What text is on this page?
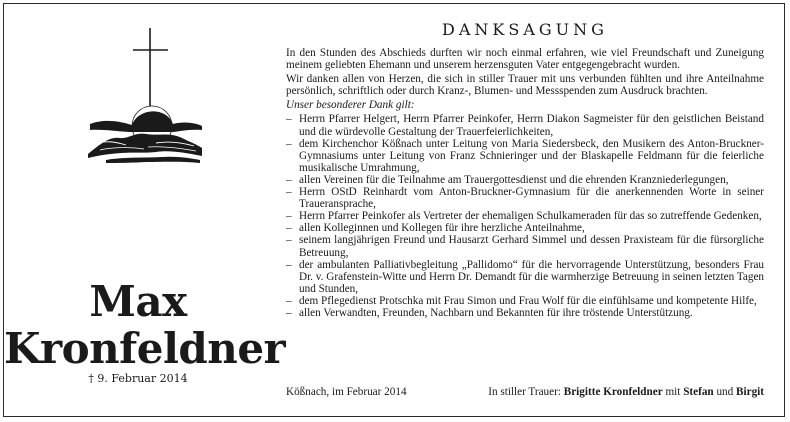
Max
Kronfeldner
† 9. Februar 2014
DANKSAGUNG

In den Stunden des Abschieds durften wir noch einmal erfahren, wie viel Freundschaft und Zuneigung meinem geliebten Ehemann und unserem herzensguten Vater entgegengebracht wurden.

Wir danken allen von Herzen, die sich in stiller Trauer mit uns verbunden fühlten und ihre Anteilnahme persönlich, schriftlich oder durch Kranz-, Blumen- und Messspenden zum Ausdruck brachten.

Unser besonderer Dank gilt:

– Herrn Pfarrer Helgert, Herrn Pfarrer Peinkofer, Herrn Diakon Sagmeister für den geistlichen Beistand und die würdevolle Gestaltung der Trauerfeierlichkeiten,
– dem Kirchenchor Kößnach unter Leitung von Maria Siedersbeck, den Musikern des Anton-Bruckner-Gymnasiums unter Leitung von Franz Schnieringer und der Blaskapelle Feldmann für die feierliche musikalische Umrahmung,
– allen Vereinen für die Teilnahme am Trauergottesdienst und die ehrenden Kranzniederlegungen,
– Herrn OStD Reinhardt vom Anton-Bruckner-Gymnasium für die anerkennenden Worte in seiner Traueransprache,
– Herrn Pfarrer Peinkofer als Vertreter der ehemaligen Schulkameraden für das so zutreffende Gedenken,
– allen Kolleginnen und Kollegen für ihre herzliche Anteilnahme,
– seinem langjährigen Freund und Hausarzt Gerhard Simmel und dessen Praxisteam für die fürsorgliche Betreuung,
– der ambulanten Palliativbegleitung „Pallidomo“ für die hervorragende Unterstützung, besonders Frau Dr. v. Grafenstein-Witte und Herrn Dr. Demandt für die warmherzige Betreuung in seinen letzten Tagen und Stunden,
– dem Pflegedienst Protschka mit Frau Simon und Frau Wolf für die einfühlsame und kompetente Hilfe,
– allen Verwandten, Freunden, Nachbarn und Bekannten für ihre tröstende Unterstützung.
Kößnach, im Februar 2014	In stiller Trauer: Brigitte Kronfeldner mit Stefan und Birgit
